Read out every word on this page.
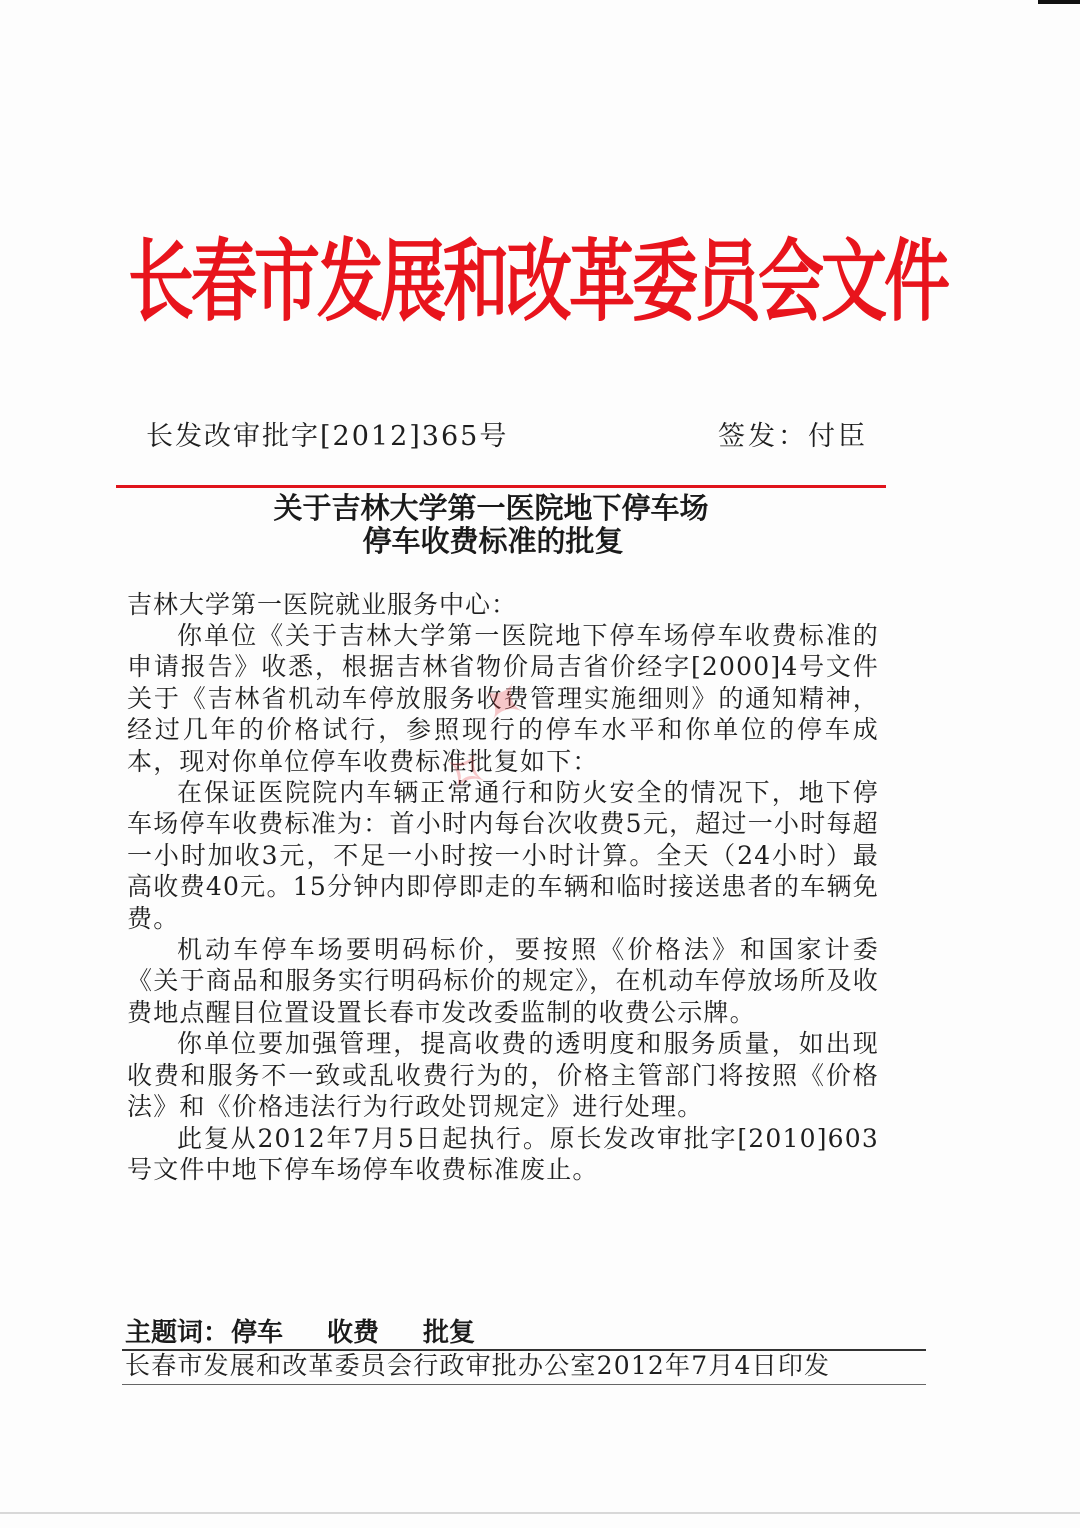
长春市发展和改革委员会文件
长发改审批字[2012]365号	签发：付臣
关于吉林大学第一医院地下停车场
停车收费标准的批复
吉林大学第一医院就业服务中心：

你单位《关于吉林大学第一医院地下停车场停车收费标准的申请报告》收悉，根据吉林省物价局吉省价经字[2000]4号文件关于《吉林省机动车停放服务收费管理实施细则》的通知精神，经过几年的价格试行，参照现行的停车水平和你单位的停车成本，现对你单位停车收费标准批复如下：

在保证医院院内车辆正常通行和防火安全的情况下，地下停车场停车收费标准为：首小时内每台次收费5元，超过一小时每超一小时加收3元，不足一小时按一小时计算。全天（24小时）最高收费40元。15分钟内即停即走的车辆和临时接送患者的车辆免费。

机动车停车场要明码标价，要按照《价格法》和国家计委《关于商品和服务实行明码标价的规定》，在机动车停放场所及收费地点醒目位置设置长春市发改委监制的收费公示牌。

你单位要加强管理，提高收费的透明度和服务质量，如出现收费和服务不一致或乱收费行为的，价格主管部门将按照《价格法》和《价格违法行为行政处罚规定》进行处理。

此复从2012年7月5日起执行。原长发改审批字[2010]603号文件中地下停车场停车收费标准废止。

✧ ✦
主题词：停车 收费 批复
长春市发展和改革委员会行政审批办公室2012年7月4日印发
